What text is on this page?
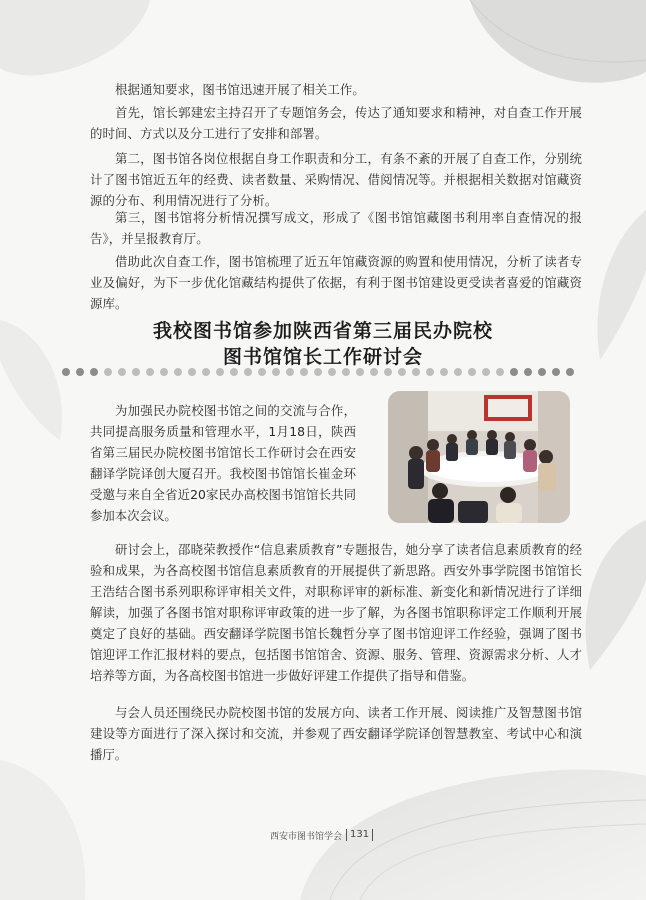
根据通知要求，图书馆迅速开展了相关工作。

首先，馆长郭建宏主持召开了专题馆务会，传达了通知要求和精神，对自查工作开展的时间、方式以及分工进行了安排和部署。

第二，图书馆各岗位根据自身工作职责和分工，有条不紊的开展了自查工作，分别统计了图书馆近五年的经费、读者数量、采购情况、借阅情况等。并根据相关数据对馆藏资源的分布、利用情况进行了分析。

第三，图书馆将分析情况撰写成文，形成了《图书馆馆藏图书利用率自查情况的报告》，并呈报教育厅。

借助此次自查工作，图书馆梳理了近五年馆藏资源的购置和使用情况，分析了读者专业及偏好，为下一步优化馆藏结构提供了依据，有利于图书馆建设更受读者喜爱的馆藏资源库。

我校图书馆参加陕西省第三届民办院校
图书馆馆长工作研讨会

为加强民办院校图书馆之间的交流与合作，共同提高服务质量和管理水平，1月18日，陕西省第三届民办院校图书馆馆长工作研讨会在西安翻译学院译创大厦召开。我校图书馆馆长崔金环受邀与来自全省近20家民办高校图书馆馆长共同参加本次会议。

研讨会上，邵晓荣教授作“信息素质教育”专题报告，她分享了读者信息素质教育的经验和成果，为各高校图书馆信息素质教育的开展提供了新思路。西安外事学院图书馆馆长王浩结合图书系列职称评审相关文件，对职称评审的新标准、新变化和新情况进行了详细解读，加强了各图书馆对职称评审政策的进一步了解，为各图书馆职称评定工作顺利开展奠定了良好的基础。西安翻译学院图书馆长魏哲分享了图书馆迎评工作经验，强调了图书馆迎评工作汇报材料的要点，包括图书馆馆舍、资源、服务、管理、资源需求分析、人才培养等方面，为各高校图书馆进一步做好评建工作提供了指导和借鉴。

与会人员还围绕民办院校图书馆的发展方向、读者工作开展、阅读推广及智慧图书馆建设等方面进行了深入探讨和交流，并参观了西安翻译学院译创智慧教室、考试中心和演播厅。

西安市图书馆学会 131
